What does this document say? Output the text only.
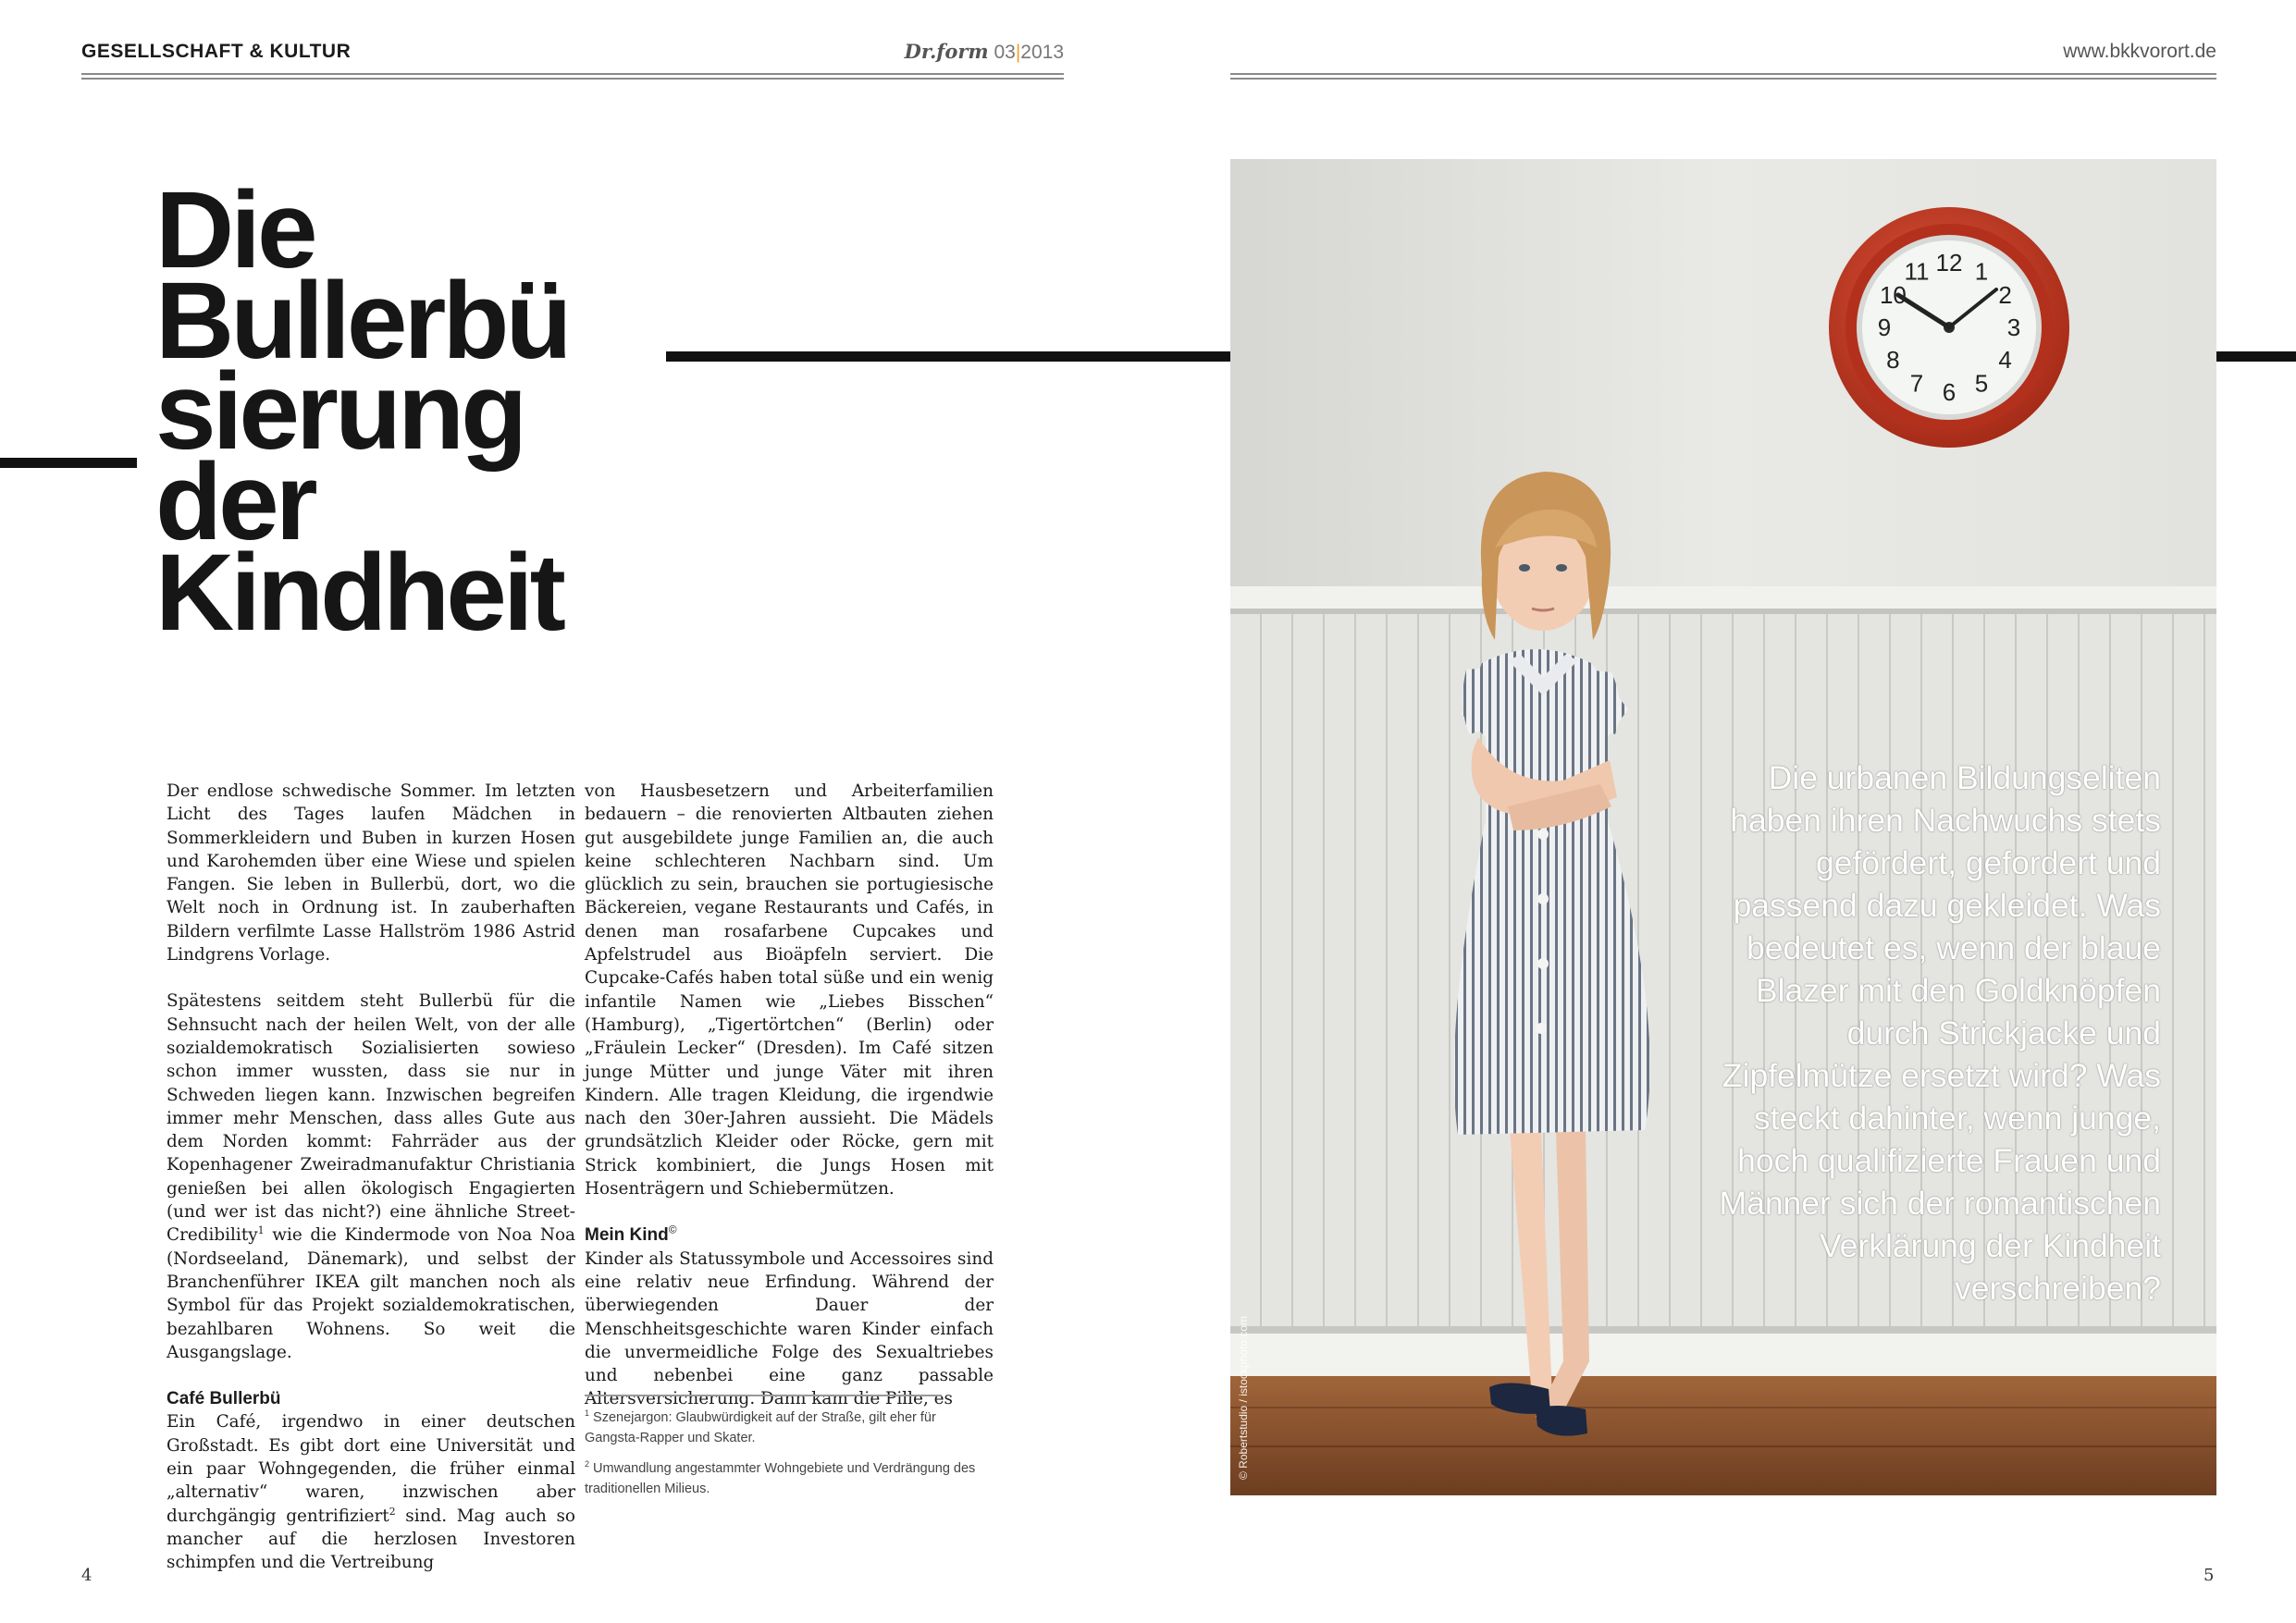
GESELLSCHAFT & KULTUR	Dr.form 03|2013	www.bkkvorort.de
Die
Bullerbü
sierung
der
Kindheit

Der endlose schwedische Sommer. Im letzten Licht des Tages laufen Mädchen in Sommerkleidern und Buben in kurzen Hosen und Karohemden über eine Wiese und spielen Fangen. Sie leben in Bullerbü, dort, wo die Welt noch in Ordnung ist. In zauberhaften Bildern verfilmte Lasse Hallström 1986 Astrid Lindgrens Vorlage.

Spätestens seitdem steht Bullerbü für die Sehnsucht nach der heilen Welt, von der alle sozialdemokratisch Sozialisierten sowieso schon immer wussten, dass sie nur in Schweden liegen kann. Inzwischen begreifen immer mehr Menschen, dass alles Gute aus dem Norden kommt: Fahrräder aus der Kopenhagener Zweiradmanufaktur Christiania genießen bei allen ökologisch Engagierten (und wer ist das nicht?) eine ähnliche Street-Credibility$^1$ wie die Kindermode von Noa Noa (Nordseeland, Dänemark), und selbst der Branchenführer IKEA gilt manchen noch als Symbol für das Projekt sozialdemokratischen, bezahlbaren Wohnens. So weit die Ausgangslage.

Café Bullerbü

Ein Café, irgendwo in einer deutschen Großstadt. Es gibt dort eine Universität und ein paar Wohngegenden, die früher einmal „alternativ“ waren, inzwischen aber durchgängig gentrifiziert$^2$ sind. Mag auch so mancher auf die herzlosen Investoren schimpfen und die Vertreibung

von Hausbesetzern und Arbeiterfamilien bedauern – die renovierten Altbauten ziehen gut ausgebildete junge Familien an, die auch keine schlechteren Nachbarn sind. Um glücklich zu sein, brauchen sie portugiesische Bäckereien, vegane Restaurants und Cafés, in denen man rosafarbene Cupcakes und Apfelstrudel aus Bioäpfeln serviert. Die Cupcake-Cafés haben total süße und ein wenig infantile Namen wie „Liebes Bisschen“ (Hamburg), „Tigertörtchen“ (Berlin) oder „Fräulein Lecker“ (Dresden). Im Café sitzen junge Mütter und junge Väter mit ihren Kindern. Alle tragen Kleidung, die irgendwie nach den 30er-Jahren aussieht. Die Mädels grundsätzlich Kleider oder Röcke, gern mit Strick kombiniert, die Jungs Hosen mit Hosenträgern und Schiebermützen.

Mein Kind©

Kinder als Statussymbole und Accessoires sind eine relativ neue Erfindung. Während der überwiegenden Dauer der Menschheitsgeschichte waren Kinder einfach die unvermeidliche Folge des Sexualtriebes und nebenbei eine ganz passable Altersversicherung. Dann kam die Pille, es

$^1$ Szenejargon: Glaubwürdigkeit auf der Straße, gilt eher für Gangsta-Rapper und Skater.
$^2$ Umwandlung angestammter Wohngebiete und Verdrängung des traditionellen Milieus.
4	5
12 1
2
3
4
5
6
7
8
9
10
11
© Robertstudio / istockphoto.com

Die urbanen Bildungseliten haben ihren Nachwuchs stets gefördert, gefordert und passend dazu gekleidet. Was bedeutet es, wenn der blaue Blazer mit den Goldknöpfen durch Strickjacke und Zipfelmütze ersetzt wird? Was steckt dahinter, wenn junge, hoch qualifizierte Frauen und Männer sich der romantischen Verklärung der Kindheit verschreiben?
